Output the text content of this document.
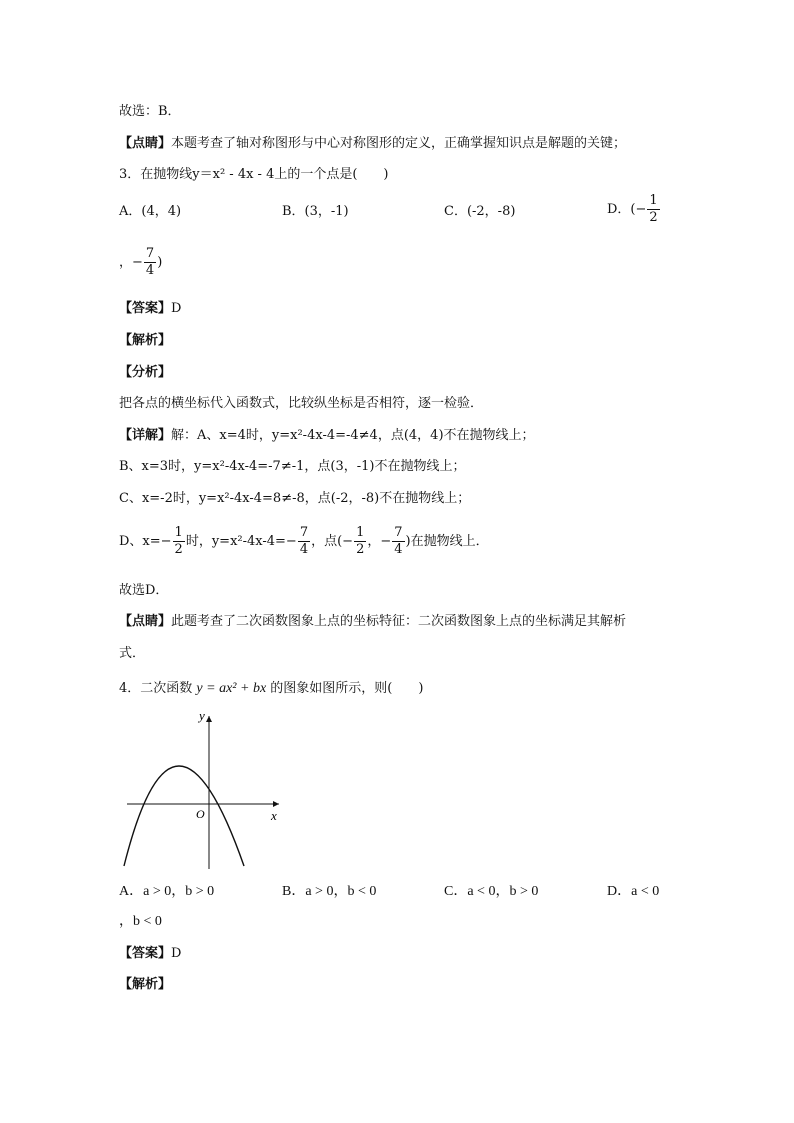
故选：B．
【点睛】本题考查了轴对称图形与中心对称图形的定义，正确掌握知识点是解题的关键；
3．在抛物线y＝x² - 4x - 4上的一个点是(　　)
A．(4，4)	B．(3，-1)	C．(-2，-8)	D．(− $\frac{1}{2}$
，− $\frac{7}{4}$ )
【答案】D
【解析】
【分析】
把各点的横坐标代入函数式，比较纵坐标是否相符，逐一检验．
【详解】解：A、x=4时，y=x²-4x-4=-4≠4，点(4，4)不在抛物线上；
B、x=3时，y=x²-4x-4=-7≠-1，点(3，-1)不在抛物线上；
C、x=-2时，y=x²-4x-4=8≠-8，点(-2，-8)不在抛物线上；
D、$x=- \frac{1}{2}$ 时，$y=x^2-4x-4=- \frac{7}{4}$ ，点(− $\frac{1}{2}$ ，− $\frac{7}{4}$ )在抛物线上．
故选D．
【点睛】此题考查了二次函数图象上点的坐标特征：二次函数图象上点的坐标满足其解析
式．
4．二次函数 y = ax² + bx 的图象如图所示，则(　　)
y
x
O
A．a > 0，b > 0	B．a > 0，b < 0	C．a < 0，b > 0	D．a < 0
，b < 0
【答案】D
【解析】
